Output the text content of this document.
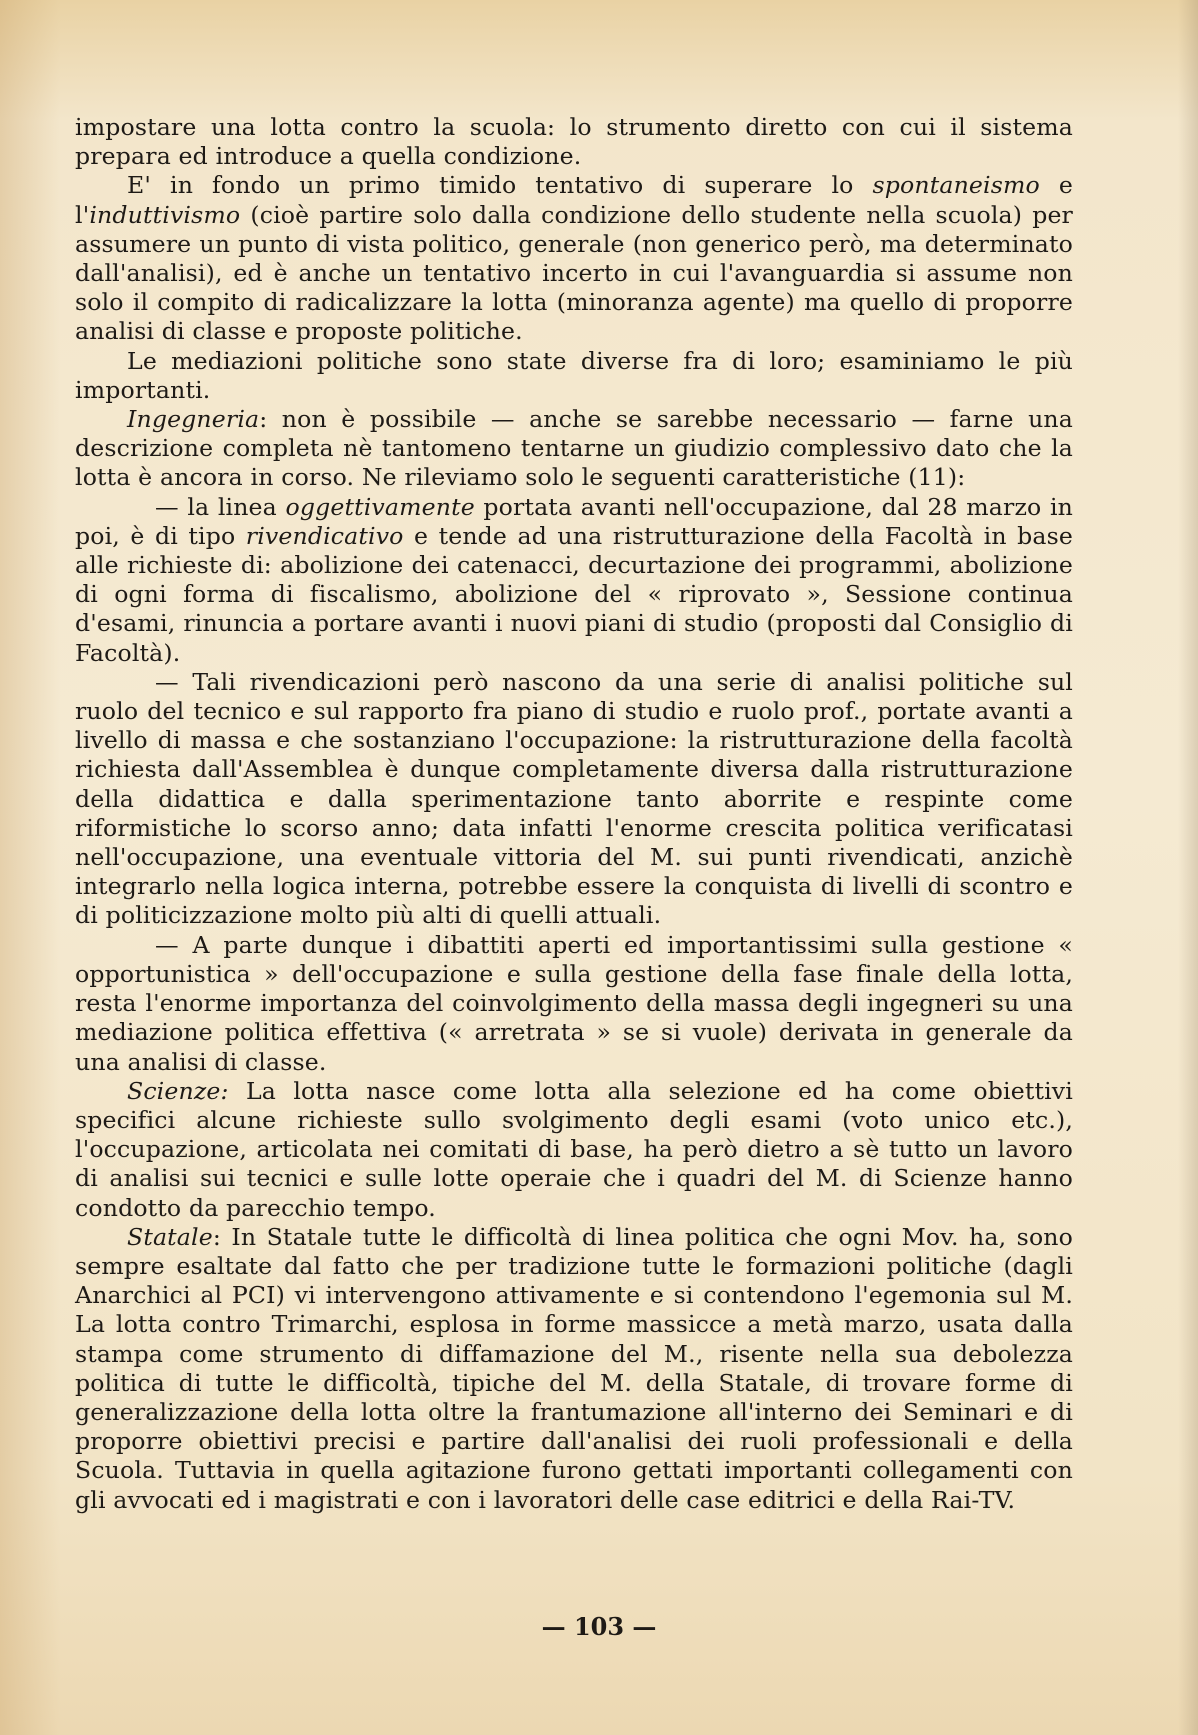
impostare una lotta contro la scuola: lo strumento diretto con cui il sistema prepara ed introduce a quella condizione.

E' in fondo un primo timido tentativo di superare lo spontaneismo e l'induttivismo (cioè partire solo dalla condizione dello studente nella scuola) per assumere un punto di vista politico, generale (non generico però, ma determinato dall'analisi), ed è anche un tentativo incerto in cui l'avanguardia si assume non solo il compito di radicalizzare la lotta (minoranza agente) ma quello di proporre analisi di classe e proposte politiche.

Le mediazioni politiche sono state diverse fra di loro; esaminiamo le più importanti.

Ingegneria: non è possibile — anche se sarebbe necessario — farne una descrizione completa nè tantomeno tentarne un giudizio complessivo dato che la lotta è ancora in corso. Ne rileviamo solo le seguenti caratteristiche (11):

— la linea oggettivamente portata avanti nell'occupazione, dal 28 marzo in poi, è di tipo rivendicativo e tende ad una ristrutturazione della Facoltà in base alle richieste di: abolizione dei catenacci, decurtazione dei programmi, abolizione di ogni forma di fiscalismo, abolizione del « riprovato », Sessione continua d'esami, rinuncia a portare avanti i nuovi piani di studio (proposti dal Consiglio di Facoltà).

— Tali rivendicazioni però nascono da una serie di analisi politiche sul ruolo del tecnico e sul rapporto fra piano di studio e ruolo prof., portate avanti a livello di massa e che sostanziano l'occupazione: la ristrutturazione della facoltà richiesta dall'Assemblea è dunque completamente diversa dalla ristrutturazione della didattica e dalla sperimentazione tanto aborrite e respinte come riformistiche lo scorso anno; data infatti l'enorme crescita politica verificatasi nell'occupazione, una eventuale vittoria del M. sui punti rivendicati, anzichè integrarlo nella logica interna, potrebbe essere la conquista di livelli di scontro e di politicizzazione molto più alti di quelli attuali.

— A parte dunque i dibattiti aperti ed importantissimi sulla gestione « opportunistica » dell'occupazione e sulla gestione della fase finale della lotta, resta l'enorme importanza del coinvolgimento della massa degli ingegneri su una mediazione politica effettiva (« arretrata » se si vuole) derivata in generale da una analisi di classe.

Scienze: La lotta nasce come lotta alla selezione ed ha come obiettivi specifici alcune richieste sullo svolgimento degli esami (voto unico etc.), l'occupazione, articolata nei comitati di base, ha però dietro a sè tutto un lavoro di analisi sui tecnici e sulle lotte operaie che i quadri del M. di Scienze hanno condotto da parecchio tempo.

Statale: In Statale tutte le difficoltà di linea politica che ogni Mov. ha, sono sempre esaltate dal fatto che per tradizione tutte le formazioni politiche (dagli Anarchici al PCI) vi intervengono attivamente e si contendono l'egemonia sul M. La lotta contro Trimarchi, esplosa in forme massicce a metà marzo, usata dalla stampa come strumento di diffamazione del M., risente nella sua debolezza politica di tutte le difficoltà, tipiche del M. della Statale, di trovare forme di generalizzazione della lotta oltre la frantumazione all'interno dei Seminari e di proporre obiettivi precisi e partire dall'analisi dei ruoli professionali e della Scuola. Tuttavia in quella agitazione furono gettati importanti collegamenti con gli avvocati ed i magistrati e con i lavoratori delle case editrici e della Rai-TV.

— 103 —
